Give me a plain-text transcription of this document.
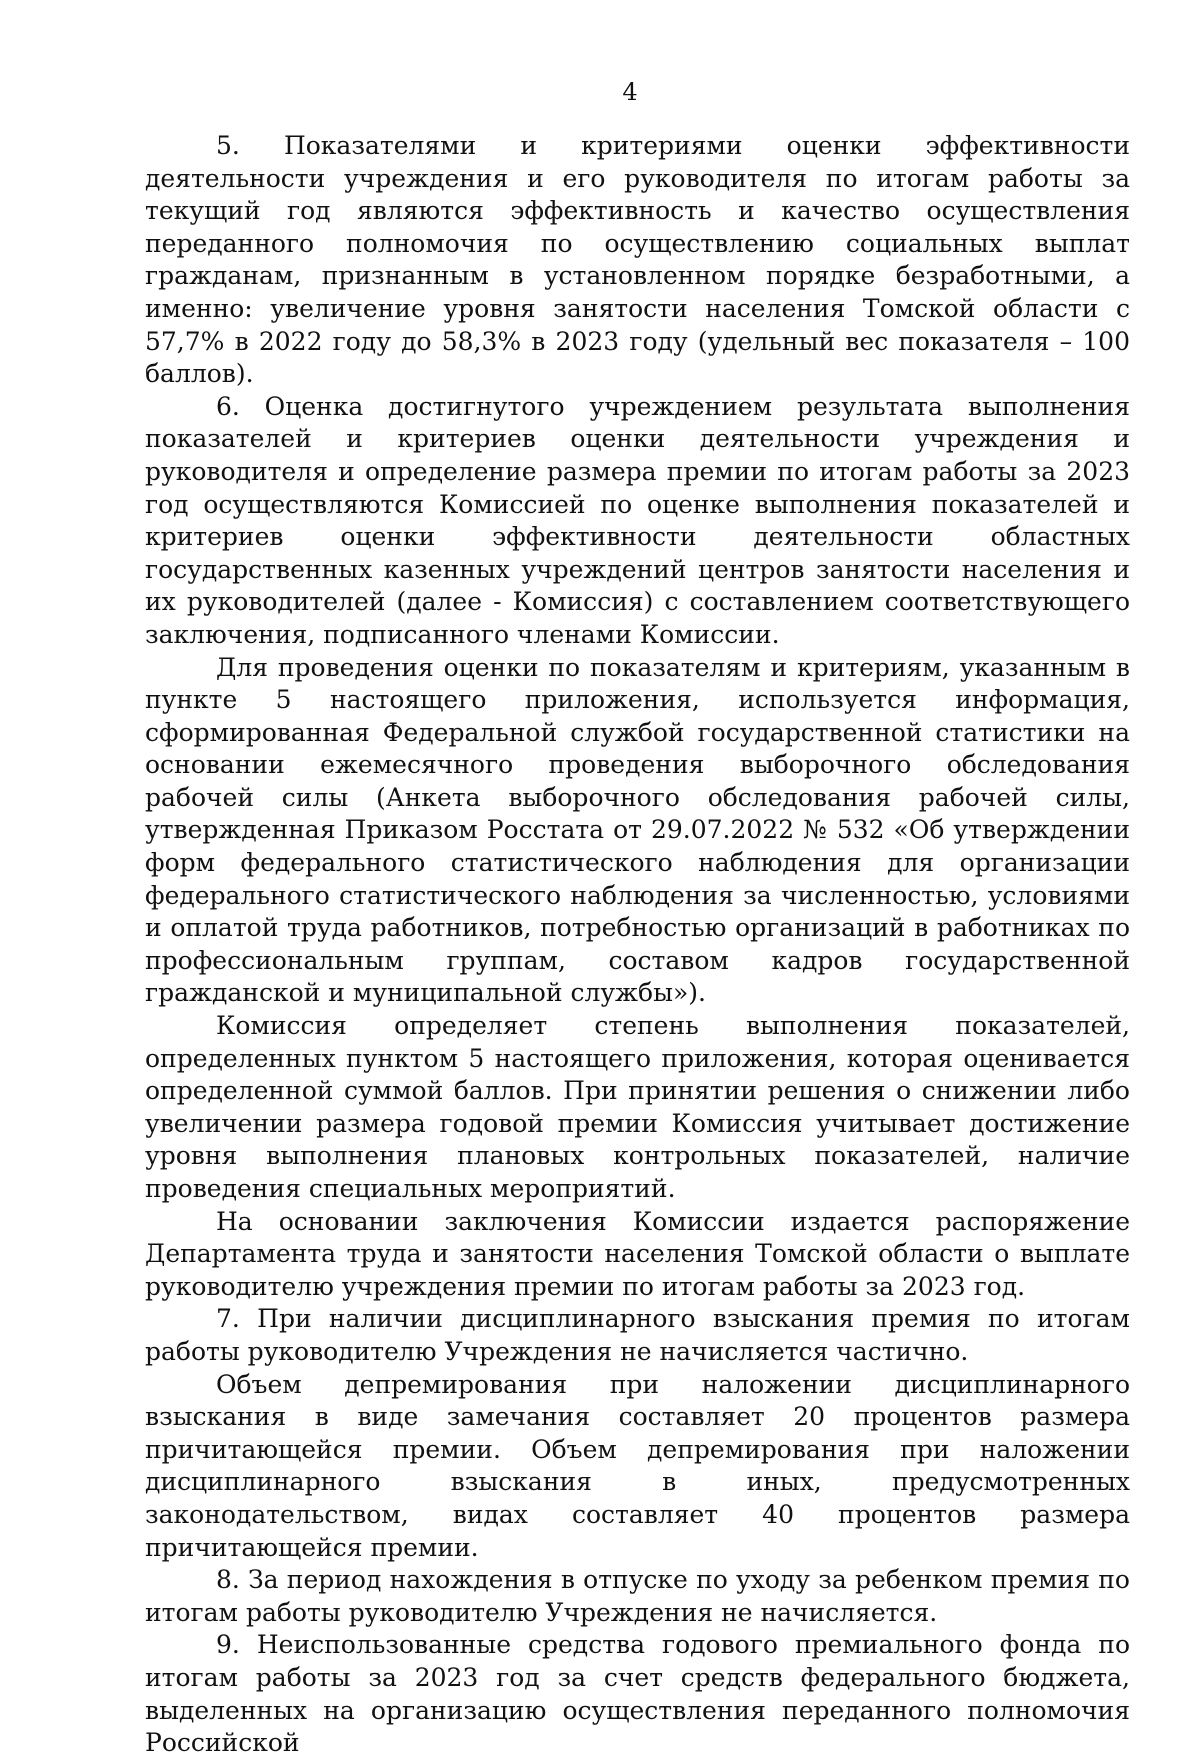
4

5. Показателями и критериями оценки эффективности деятельности учреждения и его руководителя по итогам работы за текущий год являются эффективность и качество осуществления переданного полномочия по осуществлению социальных выплат гражданам, признанным в установленном порядке безработными, а именно: увеличение уровня занятости населения Томской области с 57,7% в 2022 году до 58,3% в 2023 году (удельный вес показателя – 100 баллов).

6. Оценка достигнутого учреждением результата выполнения показателей и критериев оценки деятельности учреждения и руководителя и определение размера премии по итогам работы за 2023 год осуществляются Комиссией по оценке выполнения показателей и критериев оценки эффективности деятельности областных государственных казенных учреждений центров занятости населения и их руководителей (далее - Комиссия) с составлением соответствующего заключения, подписанного членами Комиссии.

Для проведения оценки по показателям и критериям, указанным в пункте 5 настоящего приложения, используется информация, сформированная Федеральной службой государственной статистики на основании ежемесячного проведения выборочного обследования рабочей силы (Анкета выборочного обследования рабочей силы, утвержденная Приказом Росстата от 29.07.2022 № 532 «Об утверждении форм федерального статистического наблюдения для организации федерального статистического наблюдения за численностью, условиями и оплатой труда работников, потребностью организаций в работниках по профессиональным группам, составом кадров государственной гражданской и муниципальной службы»).

Комиссия определяет степень выполнения показателей, определенных пунктом 5 настоящего приложения, которая оценивается определенной суммой баллов. При принятии решения о снижении либо увеличении размера годовой премии Комиссия учитывает достижение уровня выполнения плановых контрольных показателей, наличие проведения специальных мероприятий.

На основании заключения Комиссии издается распоряжение Департамента труда и занятости населения Томской области о выплате руководителю учреждения премии по итогам работы за 2023 год.

7. При наличии дисциплинарного взыскания премия по итогам работы руководителю Учреждения не начисляется частично.

Объем депремирования при наложении дисциплинарного взыскания в виде замечания составляет 20 процентов размера причитающейся премии. Объем депремирования при наложении дисциплинарного взыскания в иных, предусмотренных законодательством, видах составляет 40 процентов размера причитающейся премии.

8. За период нахождения в отпуске по уходу за ребенком премия по итогам работы руководителю Учреждения не начисляется.

9. Неиспользованные средства годового премиального фонда по итогам работы за 2023 год за счет средств федерального бюджета, выделенных на организацию осуществления переданного полномочия Российской
